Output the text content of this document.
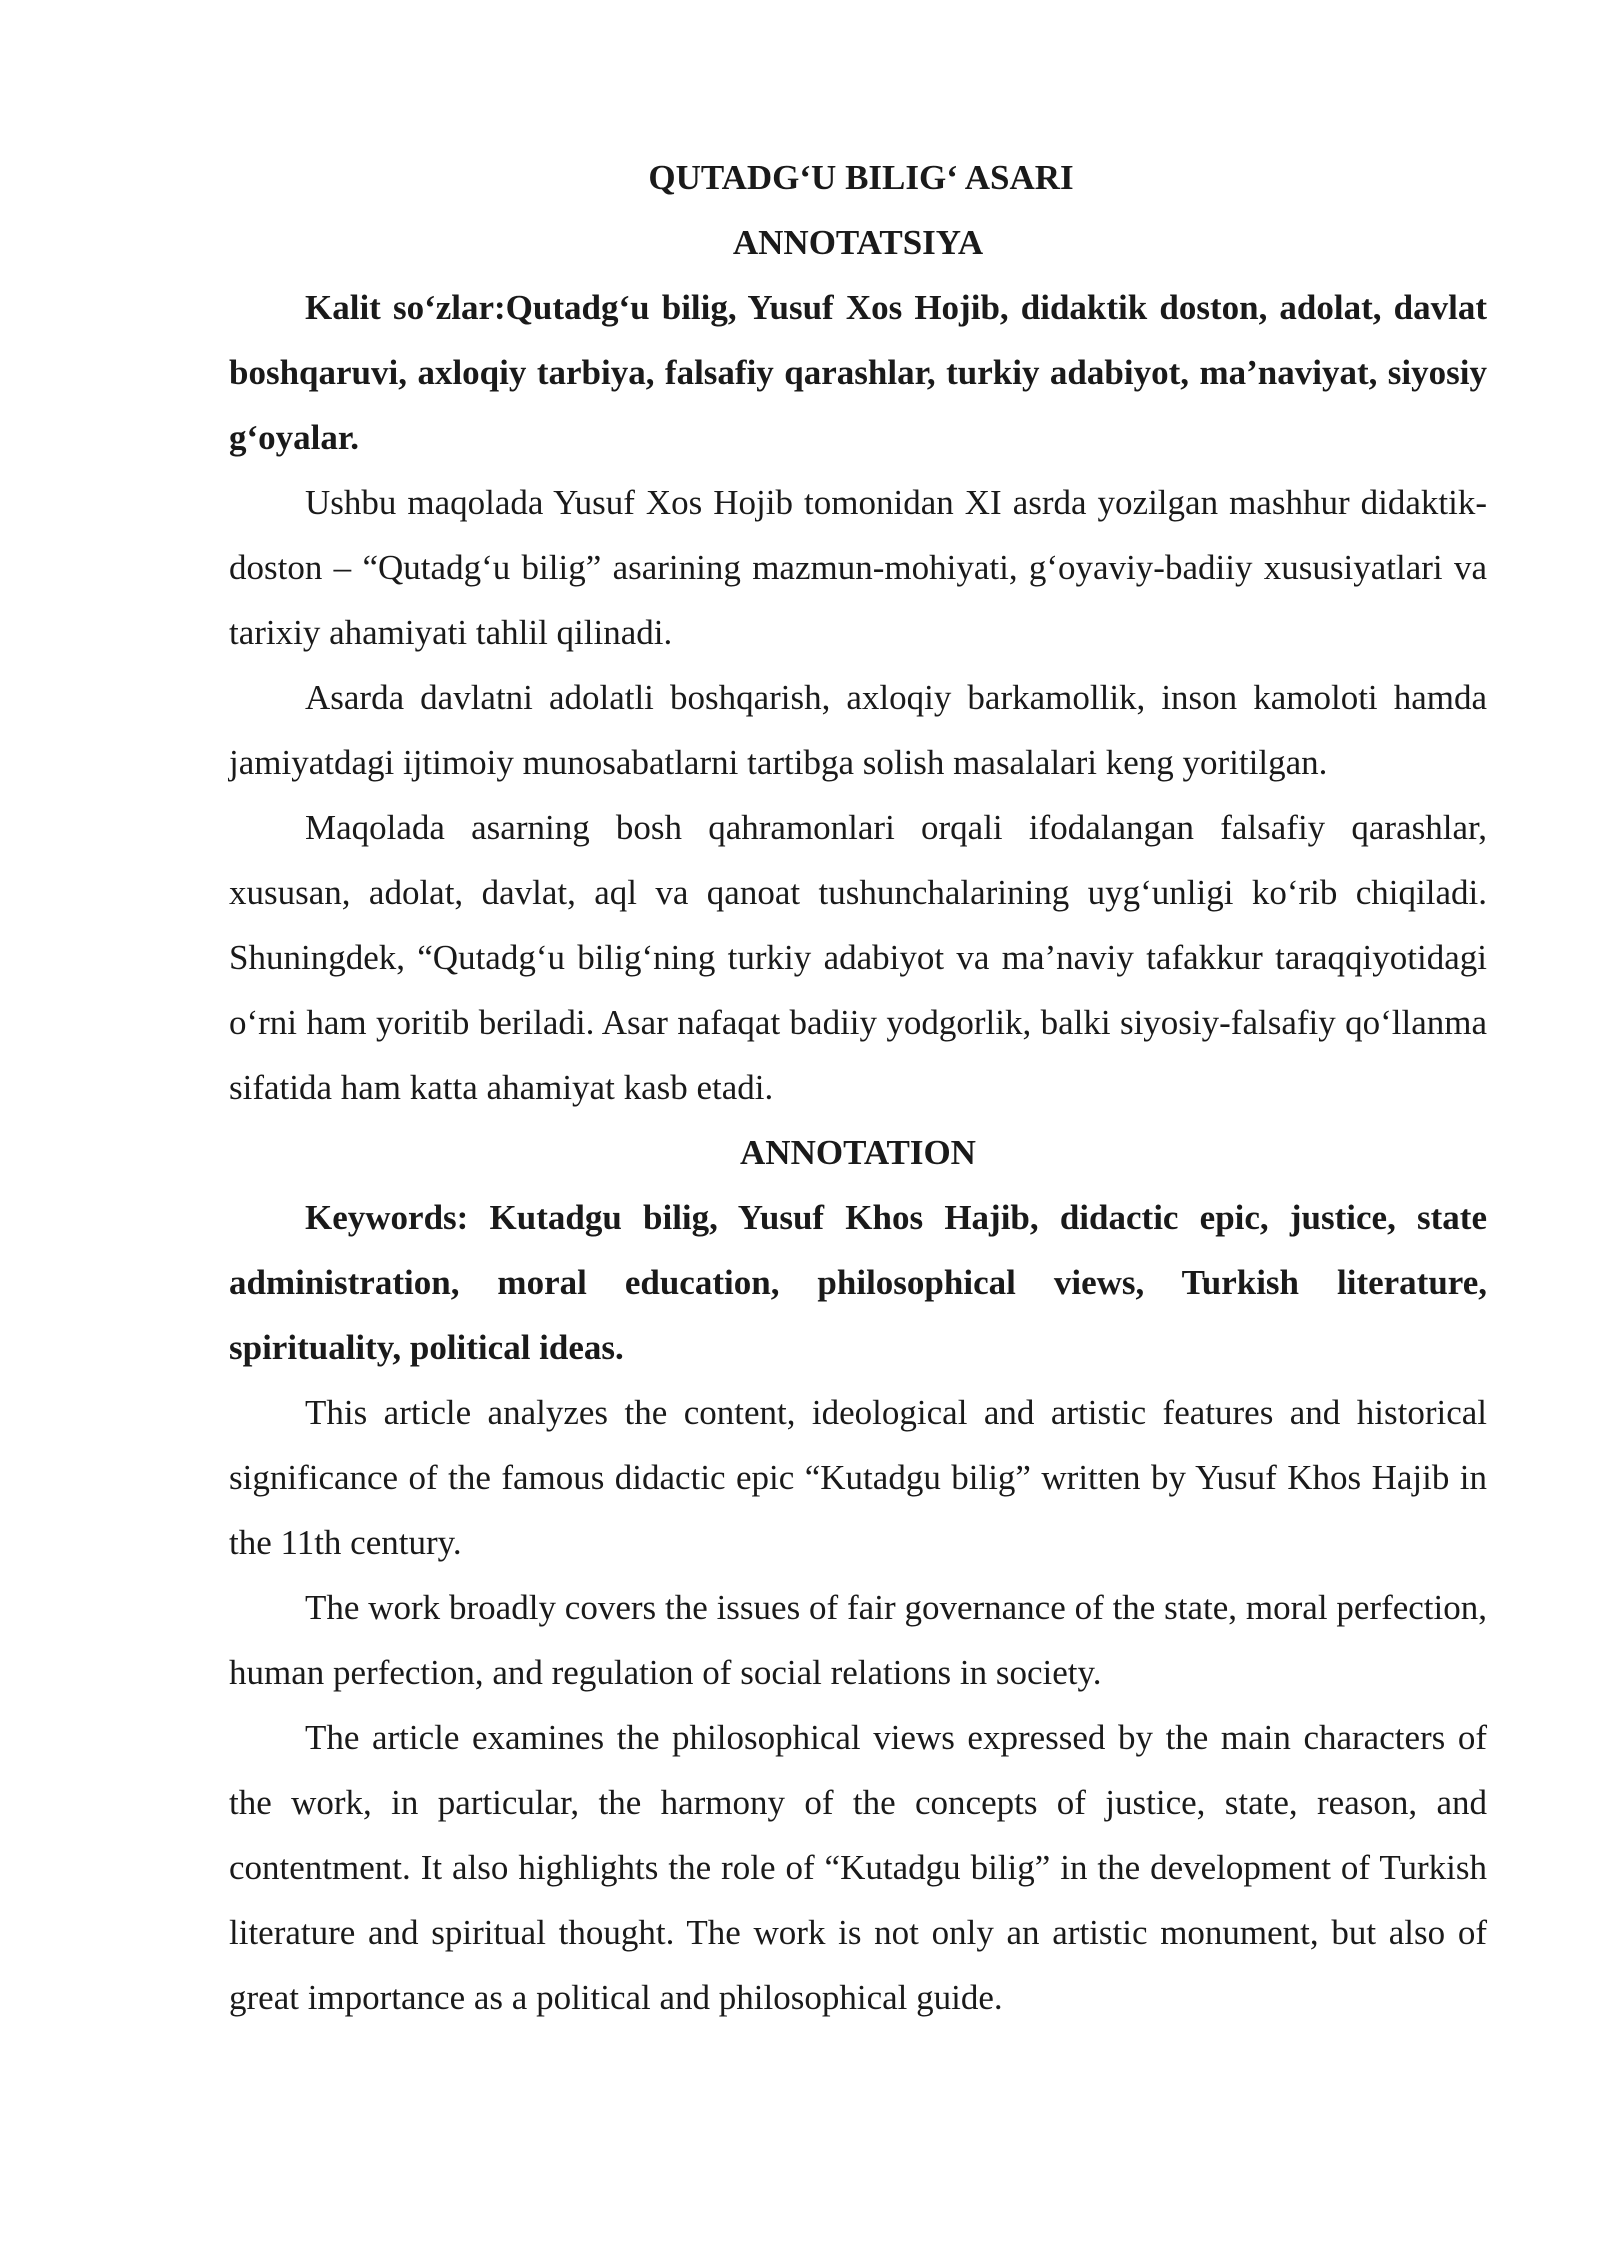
QUTADG‘U BILIG‘ ASARI

ANNOTATSIYA

Kalit so‘zlar:Qutadg‘u bilig, Yusuf Xos Hojib, didaktik doston, adolat, davlat boshqaruvi, axloqiy tarbiya, falsafiy qarashlar, turkiy adabiyot, ma’naviyat, siyosiy g‘oyalar.

Ushbu maqolada Yusuf Xos Hojib tomonidan XI asrda yozilgan mashhur didaktik-doston – “Qutadg‘u bilig” asarining mazmun-mohiyati, g‘oyaviy-badiiy xususiyatlari va tarixiy ahamiyati tahlil qilinadi.

Asarda davlatni adolatli boshqarish, axloqiy barkamollik, inson kamoloti hamda jamiyatdagi ijtimoiy munosabatlarni tartibga solish masalalari keng yoritilgan.

Maqolada asarning bosh qahramonlari orqali ifodalangan falsafiy qarashlar, xususan, adolat, davlat, aql va qanoat tushunchalarining uyg‘unligi ko‘rib chiqiladi. Shuningdek, “Qutadg‘u bilig‘ning turkiy adabiyot va ma’naviy tafakkur taraqqiyotidagi o‘rni ham yoritib beriladi. Asar nafaqat badiiy yodgorlik, balki siyosiy-falsafiy qo‘llanma sifatida ham katta ahamiyat kasb etadi.

ANNOTATION

Keywords: Kutadgu bilig, Yusuf Khos Hajib, didactic epic, justice, state administration, moral education, philosophical views, Turkish literature, spirituality, political ideas.

This article analyzes the content, ideological and artistic features and historical significance of the famous didactic epic “Kutadgu bilig” written by Yusuf Khos Hajib in the 11th century.

The work broadly covers the issues of fair governance of the state, moral perfection, human perfection, and regulation of social relations in society.

The article examines the philosophical views expressed by the main characters of the work, in particular, the harmony of the concepts of justice, state, reason, and contentment. It also highlights the role of “Kutadgu bilig” in the development of Turkish literature and spiritual thought. The work is not only an artistic monument, but also of great importance as a political and philosophical guide.
